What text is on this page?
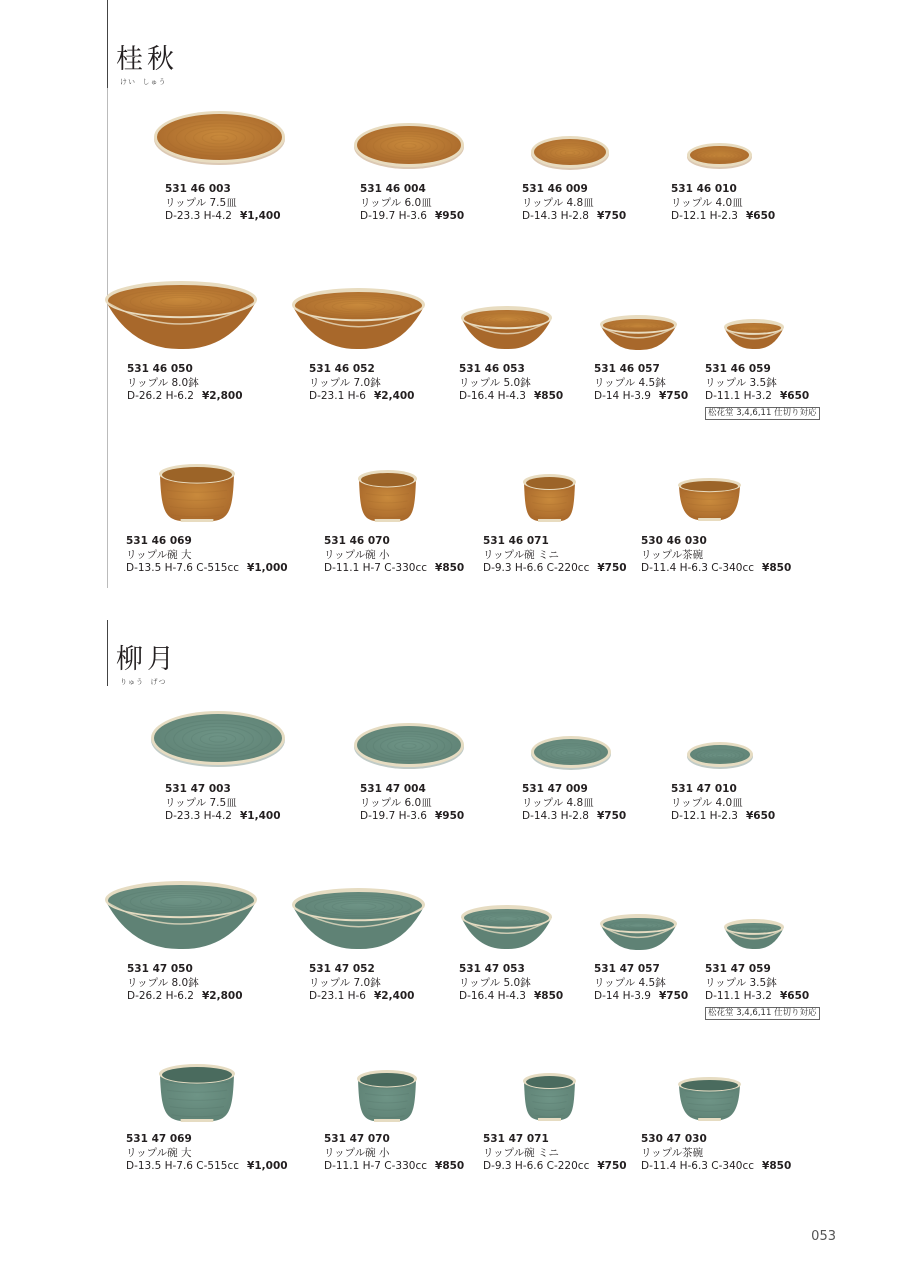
桂秋
けい  しゅう
柳月
りゅう  げつ
531 46 003
リップル 7.5皿
D-23.3 H-4.2 ¥1,400
531 46 004
リップル 6.0皿
D-19.7 H-3.6 ¥950
531 46 009
リップル 4.8皿
D-14.3 H-2.8 ¥750
531 46 010
リップル 4.0皿
D-12.1 H-2.3 ¥650
531 46 050
リップル 8.0鉢
D-26.2 H-6.2 ¥2,800
531 46 052
リップル 7.0鉢
D-23.1 H-6 ¥2,400
531 46 053
リップル 5.0鉢
D-16.4 H-4.3 ¥850
531 46 057
リップル 4.5鉢
D-14 H-3.9 ¥750
531 46 059
リップル 3.5鉢
D-11.1 H-3.2 ¥650
松花堂 3,4,6,11 仕切り対応
531 46 069
リップル碗 大
D-13.5 H-7.6 C-515cc ¥1,000
531 46 070
リップル碗 小
D-11.1 H-7 C-330cc ¥850
531 46 071
リップル碗 ミニ
D-9.3 H-6.6 C-220cc ¥750
530 46 030
リップル茶碗
D-11.4 H-6.3 C-340cc ¥850
531 47 003
リップル 7.5皿
D-23.3 H-4.2 ¥1,400
531 47 004
リップル 6.0皿
D-19.7 H-3.6 ¥950
531 47 009
リップル 4.8皿
D-14.3 H-2.8 ¥750
531 47 010
リップル 4.0皿
D-12.1 H-2.3 ¥650
531 47 050
リップル 8.0鉢
D-26.2 H-6.2 ¥2,800
531 47 052
リップル 7.0鉢
D-23.1 H-6 ¥2,400
531 47 053
リップル 5.0鉢
D-16.4 H-4.3 ¥850
531 47 057
リップル 4.5鉢
D-14 H-3.9 ¥750
531 47 059
リップル 3.5鉢
D-11.1 H-3.2 ¥650
松花堂 3,4,6,11 仕切り対応
531 47 069
リップル碗 大
D-13.5 H-7.6 C-515cc ¥1,000
531 47 070
リップル碗 小
D-11.1 H-7 C-330cc ¥850
531 47 071
リップル碗 ミニ
D-9.3 H-6.6 C-220cc ¥750
530 47 030
リップル茶碗
D-11.4 H-6.3 C-340cc ¥850
053
